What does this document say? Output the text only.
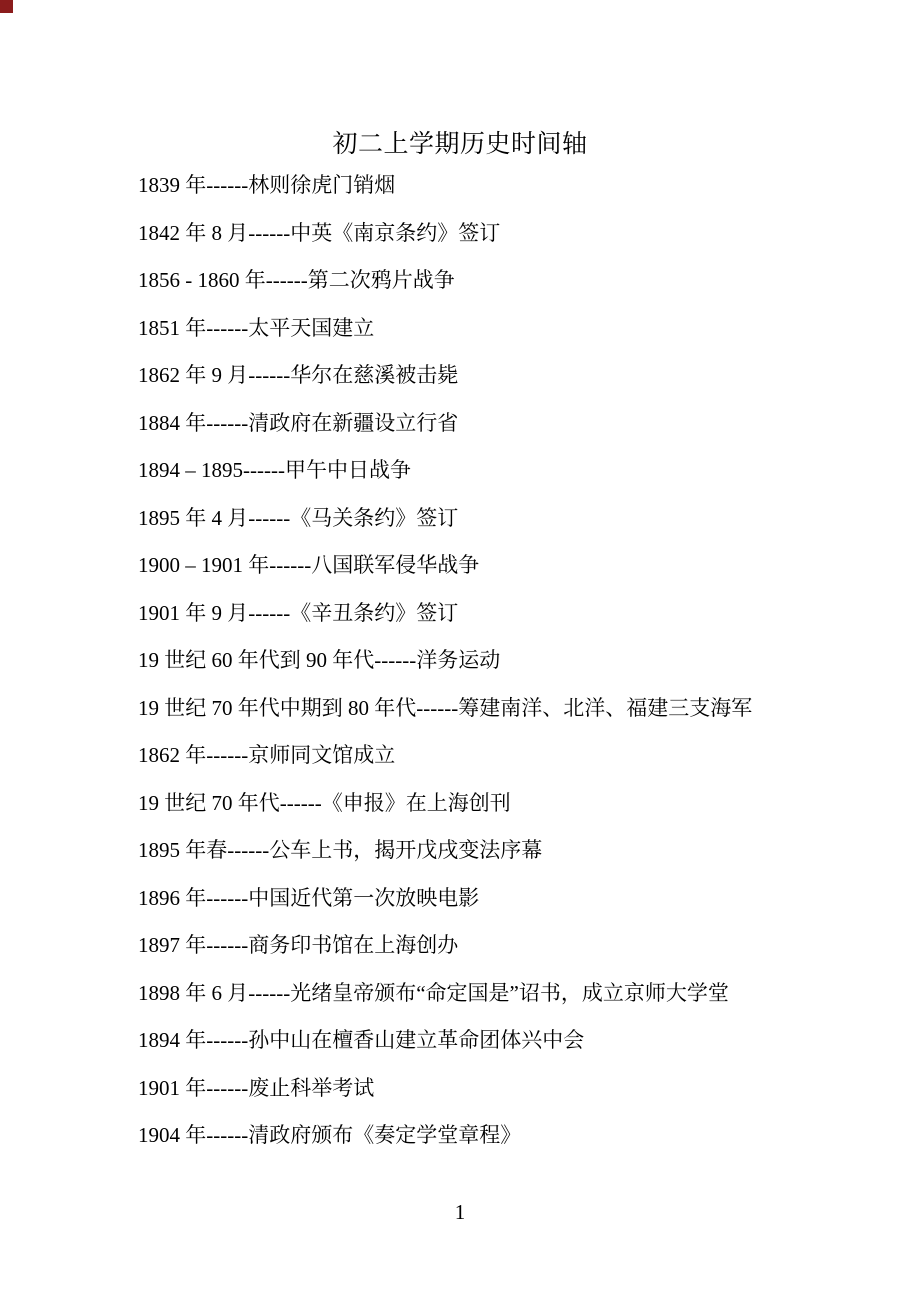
初二上学期历史时间轴

1839 年------林则徐虎门销烟

1842 年 8 月------中英《南京条约》签订

1856 - 1860 年------第二次鸦片战争

1851 年------太平天国建立

1862 年 9 月------华尔在慈溪被击毙

1884 年------清政府在新疆设立行省

1894 – 1895------甲午中日战争

1895 年 4 月------《马关条约》签订

1900 – 1901 年------八国联军侵华战争

1901 年 9 月------《辛丑条约》签订

19 世纪 60 年代到 90 年代------洋务运动

19 世纪 70 年代中期到 80 年代------筹建南洋、北洋、福建三支海军

1862 年------京师同文馆成立

19 世纪 70 年代------《申报》在上海创刊

1895 年春------公车上书，揭开戊戌变法序幕

1896 年------中国近代第一次放映电影

1897 年------商务印书馆在上海创办

1898 年 6 月------光绪皇帝颁布“命定国是”诏书，成立京师大学堂

1894 年------孙中山在檀香山建立革命团体兴中会

1901 年------废止科举考试

1904 年------清政府颁布《奏定学堂章程》

1
